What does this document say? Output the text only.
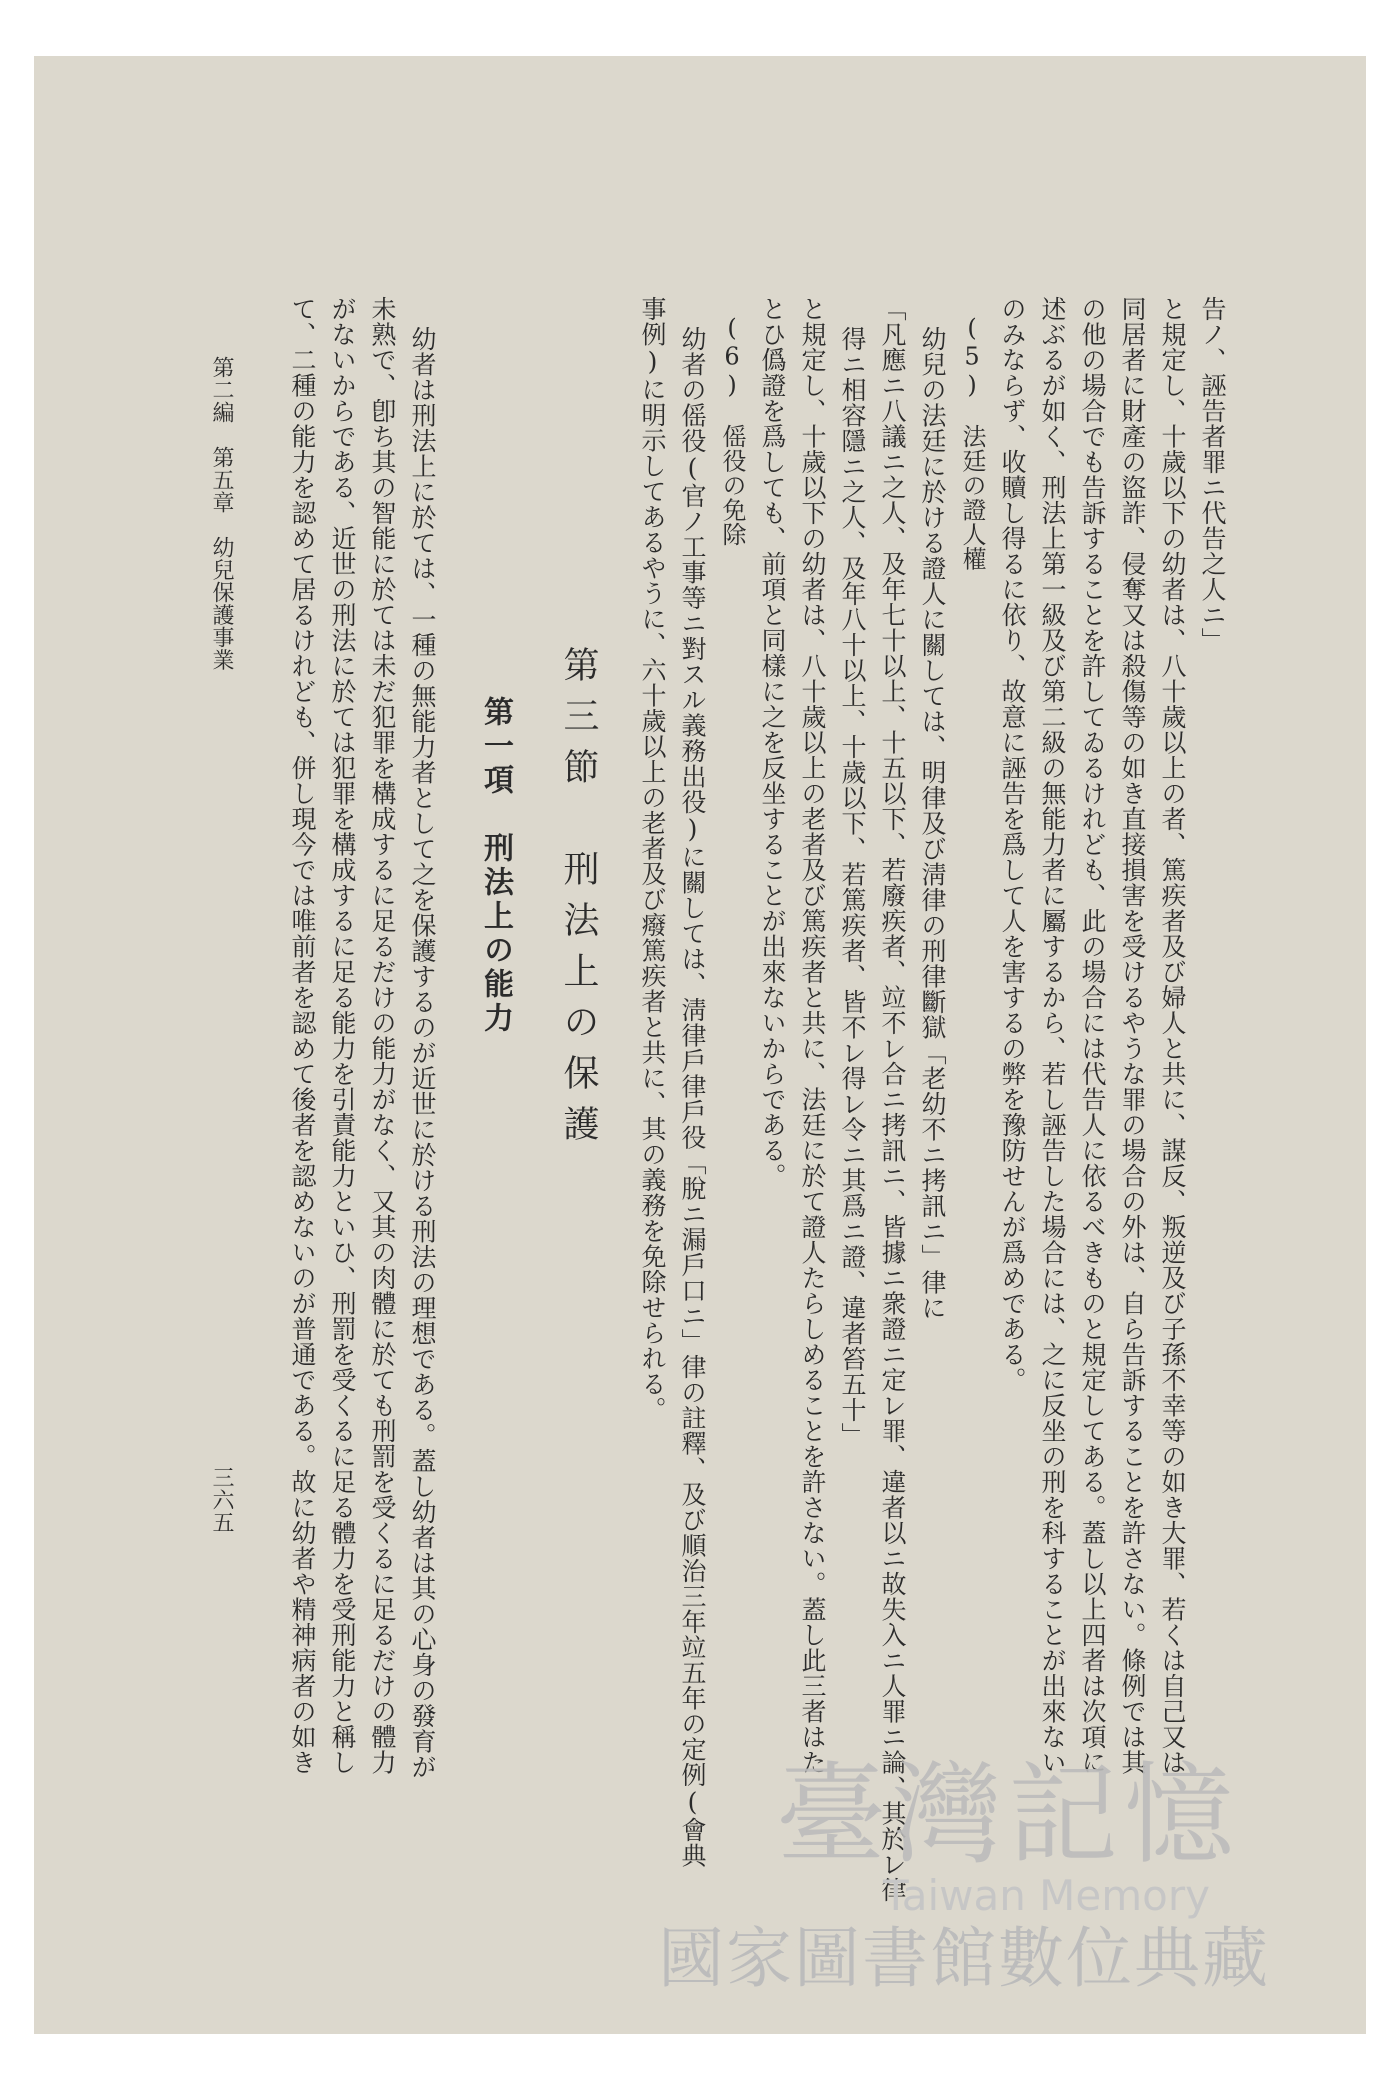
告ノ、誣告者罪ニ代告之人ニ」
と規定し、十歲以下の幼者は、八十歲以上の者、篤疾者及び婦人と共に、謀反、叛逆及び子孫不幸等の如き大罪、若くは自己又は
同居者に財產の盜詐、侵奪又は殺傷等の如き直接損害を受けるやうな罪の場合の外は、自ら告訴することを許さない。條例では其
の他の場合でも告訴することを許してゐるけれども、此の場合には代告人に依るべきものと規定してある。蓋し以上四者は次項に
述ぶるが如く、刑法上第一級及び第二級の無能力者に屬するから、若し誣告した場合には、之に反坐の刑を科することが出來ない
のみならず、收贖し得るに依り、故意に誣告を爲して人を害するの弊を豫防せんが爲めである。
(5)　法廷の證人權
幼兒の法廷に於ける證人に關しては、明律及び淸律の刑律斷獄「老幼不ニ拷訊ニ」律に
「凡應ニ八議ニ之人、及年七十以上、十五以下、若廢疾者、竝不レ合ニ拷訊ニ、皆據ニ衆證ニ定レ罪、違者以ニ故失入ニ人罪ニ論、其於レ律
得ニ相容隱ニ之人、及年八十以上、十歲以下、若篤疾者、皆不レ得レ令ニ其爲ニ證、違者笞五十」
と規定し、十歲以下の幼者は、八十歲以上の老者及び篤疾者と共に、法廷に於て證人たらしめることを許さない。蓋し此三者はた
とひ僞證を爲しても、前項と同樣に之を反坐することが出來ないからである。
(6)　傜役の免除
幼者の傜役(官ノ工事等ニ對スル義務出役)に關しては、淸律戶律戶役「脫ニ漏戶口ニ」律の註釋、及び順治三年竝五年の定例(會典
事例)に明示してあるやうに、六十歲以上の老者及び癈篤疾者と共に、其の義務を免除せられる。
第三節　刑法上の保護
第一項　刑法上の能力
幼者は刑法上に於ては、一種の無能力者として之を保護するのが近世に於ける刑法の理想である。蓋し幼者は其の心身の發育が
未熟で、卽ち其の智能に於ては未だ犯罪を構成するに足るだけの能力がなく、又其の肉體に於ても刑罰を受くるに足るだけの體力
がないからである、近世の刑法に於ては犯罪を構成するに足る能力を引責能力といひ、刑罰を受くるに足る體力を受刑能力と稱し
て、二種の能力を認めて居るけれども、併し現今では唯前者を認めて後者を認めないのが普通である。故に幼者や精神病者の如き
第二編　第五章　幼兒保護事業
三六五
臺灣記憶
Taiwan Memory
國家圖書館數位典藏
